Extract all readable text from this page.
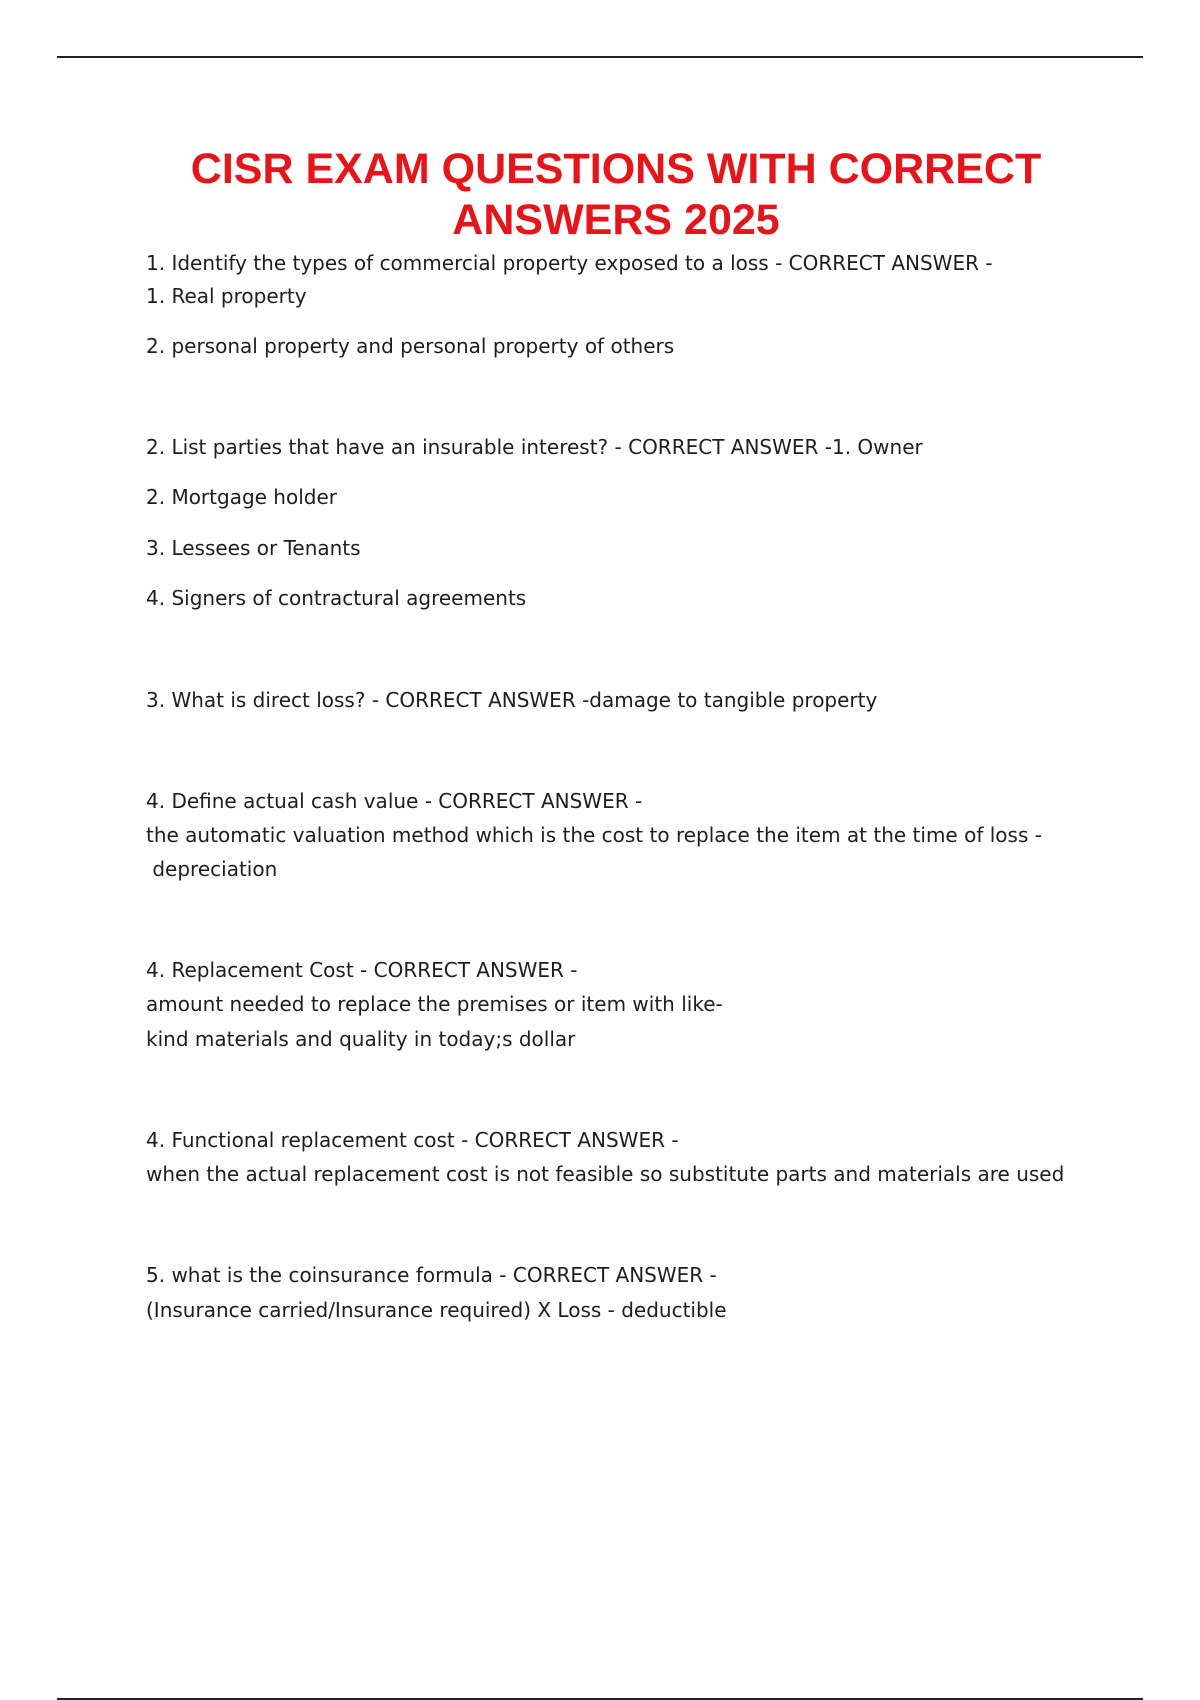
CISR EXAM QUESTIONS WITH CORRECT
ANSWERS 2025
1. Identify the types of commercial property exposed to a loss - CORRECT ANSWER -
1. Real property
2. personal property and personal property of others
2. List parties that have an insurable interest? - CORRECT ANSWER -1. Owner
2. Mortgage holder
3. Lessees or Tenants
4. Signers of contractural agreements
3. What is direct loss? - CORRECT ANSWER -damage to tangible property
4. Define actual cash value - CORRECT ANSWER -
the automatic valuation method which is the cost to replace the item at the time of loss -
depreciation
4. Replacement Cost - CORRECT ANSWER -
amount needed to replace the premises or item with like-
kind materials and quality in today;s dollar
4. Functional replacement cost - CORRECT ANSWER -
when the actual replacement cost is not feasible so substitute parts and materials are used
5. what is the coinsurance formula - CORRECT ANSWER -
(Insurance carried/Insurance required) X Loss - deductible
